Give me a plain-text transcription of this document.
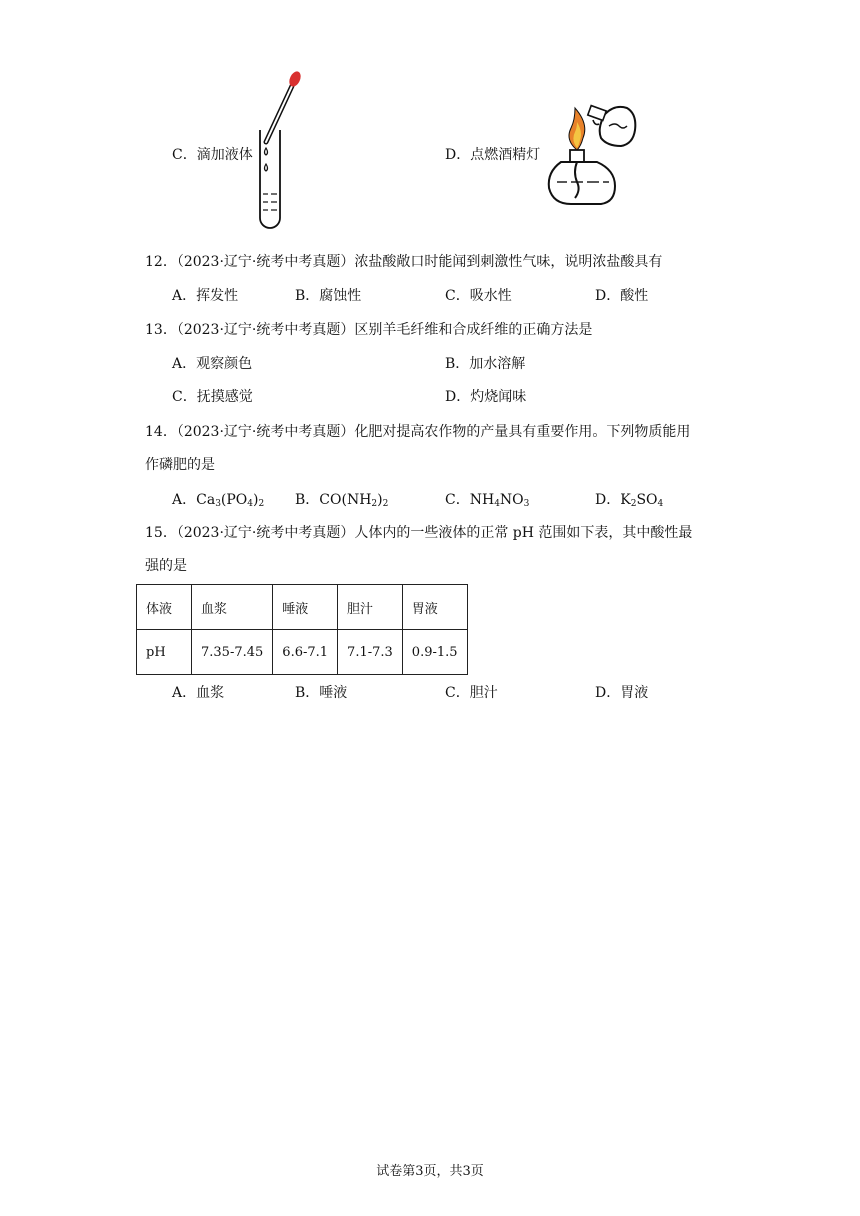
C．滴加液体	D．点燃酒精灯
12．（2023·辽宁·统考中考真题）浓盐酸敞口时能闻到刺激性气味，说明浓盐酸具有
A．挥发性	B．腐蚀性	C．吸水性	D．酸性
13．（2023·辽宁·统考中考真题）区别羊毛纤维和合成纤维的正确方法是
A．观察颜色	B．加水溶解
C．抚摸感觉	D．灼烧闻味
14．（2023·辽宁·统考中考真题）化肥对提高农作物的产量具有重要作用。下列物质能用
作磷肥的是
A．$Ca_3(PO_4)_2$ B．$CO(NH_2)_2$	C．$NH_4NO_3$	D．$K_2SO_4$
15．（2023·辽宁·统考中考真题）人体内的一些液体的正常 pH 范围如下表，其中酸性最
强的是
体液	血浆	唾液	胆汁	胃液
pH	7.35-7.45	6.6-7.1	7.1-7.3	0.9-1.5
A．血浆	B．唾液	C．胆汁	D．胃液
试卷第3页，共3页
